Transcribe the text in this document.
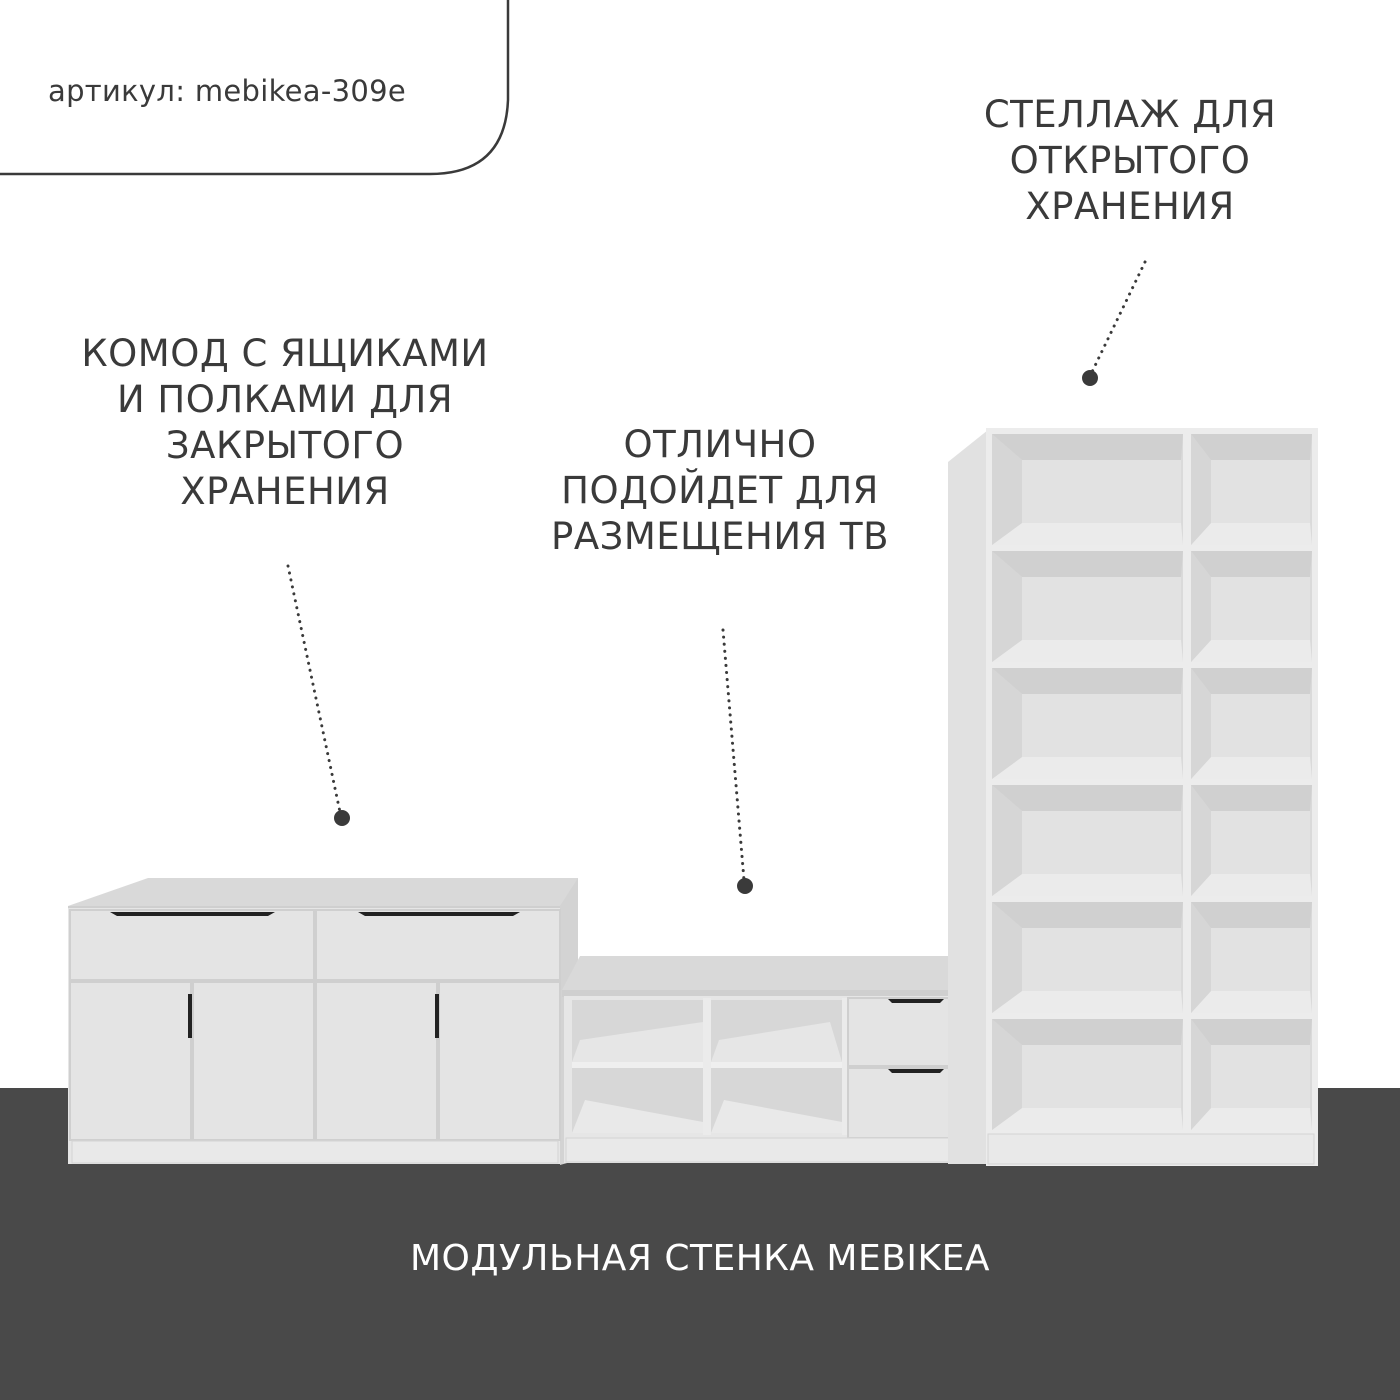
артикул: mebikea-309e
СТЕЛЛАЖ ДЛЯ
ОТКРЫТОГО
ХРАНЕНИЯ
КОМОД С ЯЩИКАМИ
И ПОЛКАМИ ДЛЯ
ЗАКРЫТОГО
ХРАНЕНИЯ
ОТЛИЧНО
ПОДОЙДЕТ ДЛЯ
РАЗМЕЩЕНИЯ ТВ
МОДУЛЬНАЯ СТЕНКА MEBIKEA
